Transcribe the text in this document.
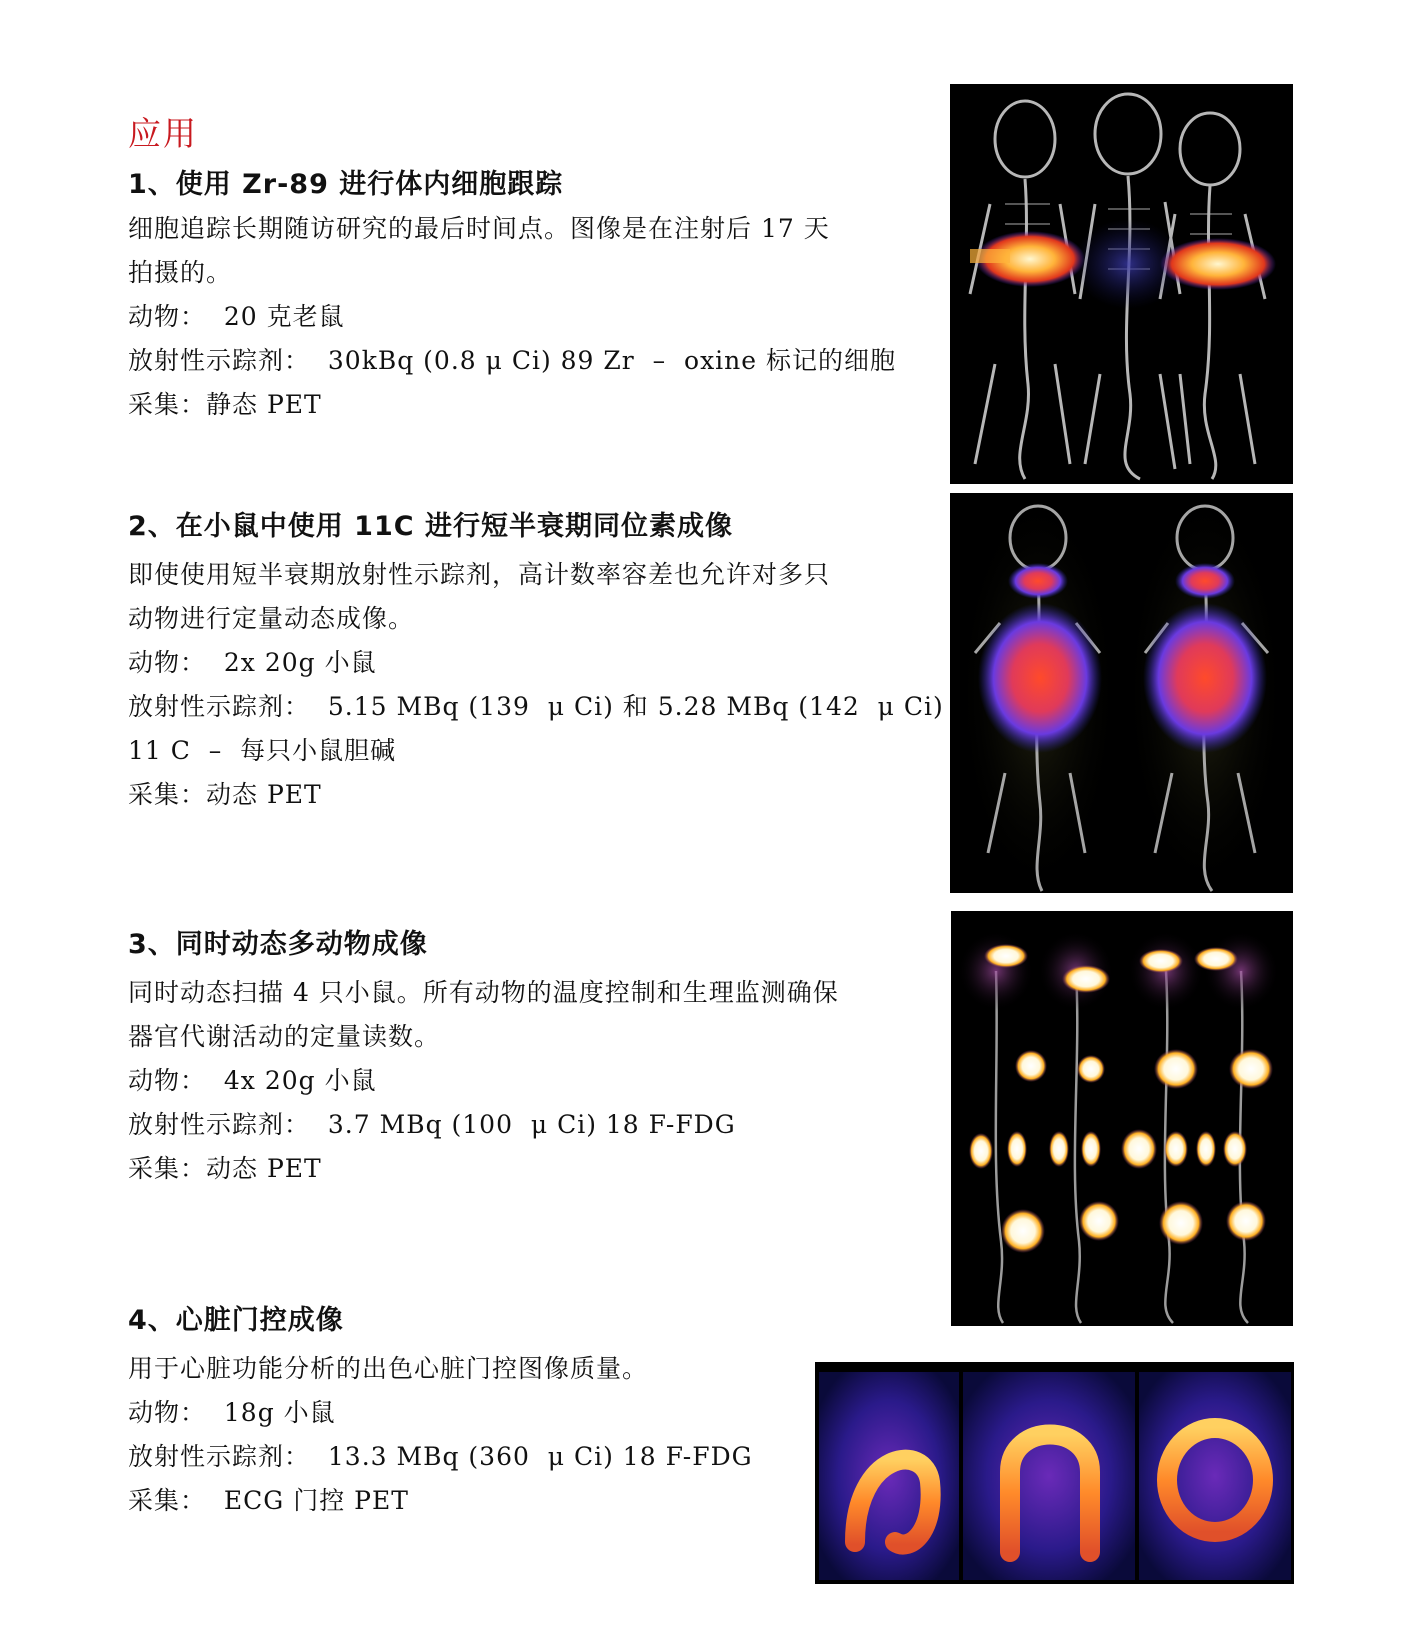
应用
1、使用 Zr-89 进行体内细胞跟踪
细胞追踪长期随访研究的最后时间点。图像是在注射后 17 天
拍摄的。
动物：  20 克老鼠
放射性示踪剂：  30kBq (0.8 μ Ci) 89 Zr  –  oxine 标记的细胞
采集：静态 PET
2、在小鼠中使用 11C 进行短半衰期同位素成像
即使使用短半衰期放射性示踪剂，高计数率容差也允许对多只
动物进行定量动态成像。
动物：  2x 20g 小鼠
放射性示踪剂：  5.15 MBq (139  μ Ci) 和 5.28 MBq (142  μ Ci)
11 C  –  每只小鼠胆碱
采集：动态 PET
3、同时动态多动物成像
同时动态扫描 4 只小鼠。所有动物的温度控制和生理监测确保
器官代谢活动的定量读数。
动物：  4x 20g 小鼠
放射性示踪剂：  3.7 MBq (100  μ Ci) 18 F-FDG
采集：动态 PET
4、心脏门控成像
用于心脏功能分析的出色心脏门控图像质量。
动物：  18g 小鼠
放射性示踪剂：  13.3 MBq (360  μ Ci) 18 F-FDG
采集：  ECG 门控 PET
